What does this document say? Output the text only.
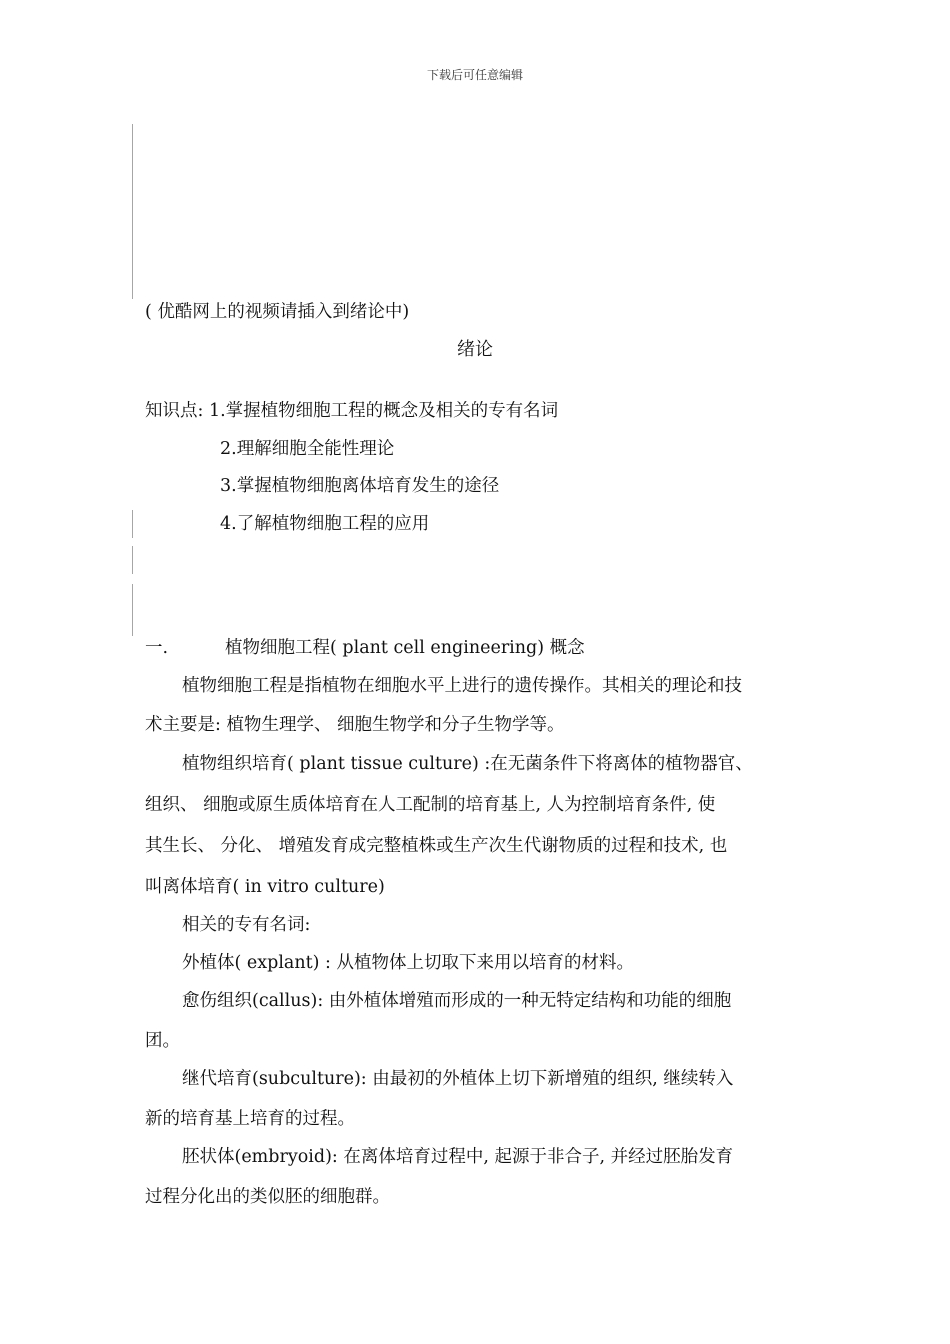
下载后可任意编辑
( 优酷网上的视频请插入到绪论中)
绪论
知识点: 1.掌握植物细胞工程的概念及相关的专有名词
2.理解细胞全能性理论
3.掌握植物细胞离体培育发生的途径
4.了解植物细胞工程的应用
一.	植物细胞工程( plant cell engineering) 概念
植物细胞工程是指植物在细胞水平上进行的遗传操作。其相关的理论和技
术主要是: 植物生理学、 细胞生物学和分子生物学等。
植物组织培育( plant tissue culture) :在无菌条件下将离体的植物器官、
组织、 细胞或原生质体培育在人工配制的培育基上, 人为控制培育条件, 使
其生长、 分化、 增殖发育成完整植株或生产次生代谢物质的过程和技术, 也
叫离体培育( in vitro culture)
相关的专有名词:
外植体( explant) : 从植物体上切取下来用以培育的材料。
愈伤组织(callus): 由外植体增殖而形成的一种无特定结构和功能的细胞
团。
继代培育(subculture): 由最初的外植体上切下新增殖的组织, 继续转入
新的培育基上培育的过程。
胚状体(embryoid): 在离体培育过程中, 起源于非合子, 并经过胚胎发育
过程分化出的类似胚的细胞群。
